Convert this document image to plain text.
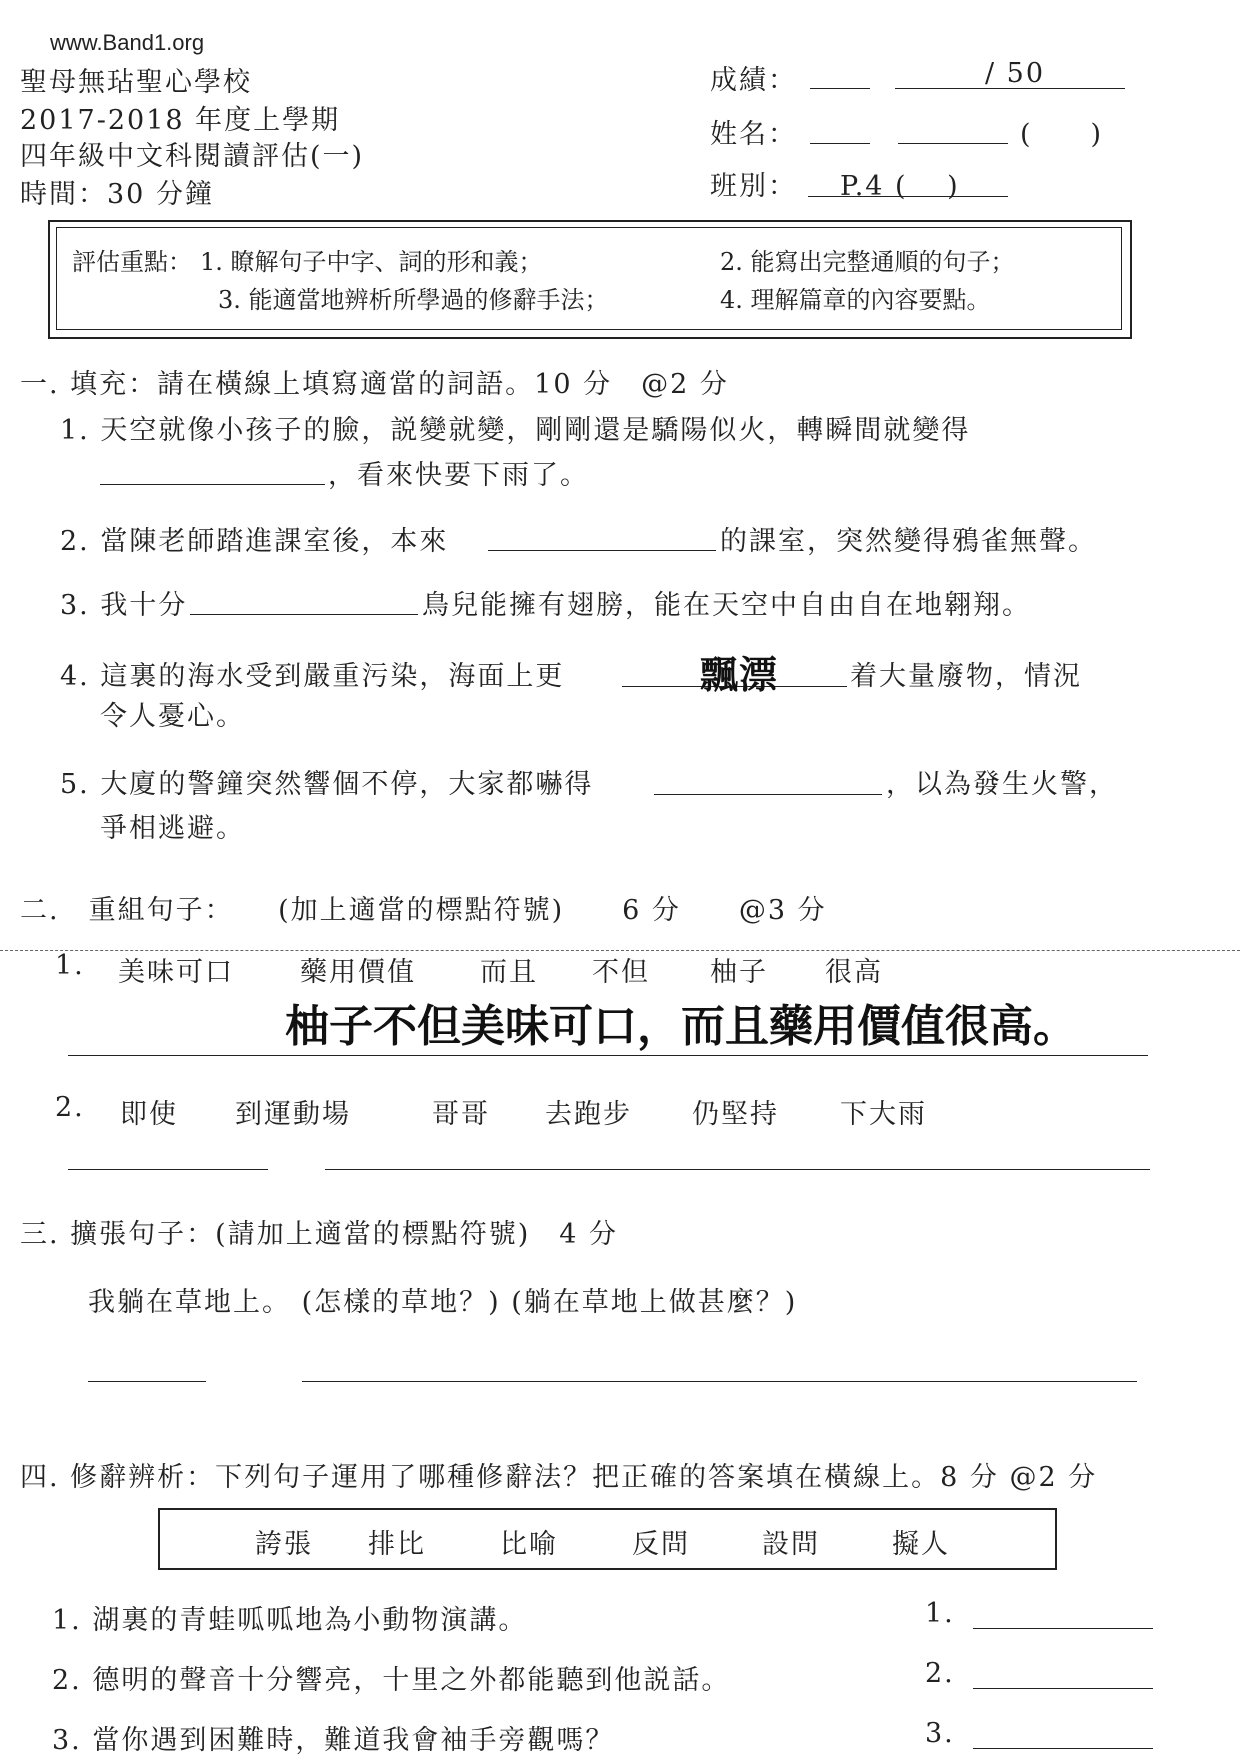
www.Band1.org
聖母無玷聖心學校
2017-2018 年度上學期
四年級中文科閱讀評估(一)
時間：30 分鐘
成績：	/ 50
姓名：	(　　)
班別： P.4 (　 )
評估重點： 1. 瞭解句子中字、詞的形和義；	2. 能寫出完整通順的句子；
3. 能適當地辨析所學過的修辭手法；	4. 理解篇章的內容要點。
一. 填充：請在橫線上填寫適當的詞語。10 分　@2 分
1. 天空就像小孩子的臉，説變就變，剛剛還是驕陽似火，轉瞬間就變得
，看來快要下雨了。
2. 當陳老師踏進課室後，本來	的課室，突然變得鴉雀無聲。
3. 我十分	鳥兒能擁有翅膀，能在天空中自由自在地翱翔。
4. 這裏的海水受到嚴重污染，海面上更	飄漂	着大量廢物，情況
令人憂心。
5. 大廈的警鐘突然響個不停，大家都嚇得	，以為發生火警，
爭相逃避。
二.　重組句子：　　(加上適當的標點符號)　　6 分　　@3 分
1. 美味可口 藥用價值 而且 不但 柚子 很高
柚子不但美味可口，而且藥用價值很高。
2. 即使 到運動場	哥哥 去跑步 仍堅持 下大雨
三. 擴張句子：(請加上適當的標點符號)　4 分
我躺在草地上。 (怎樣的草地？) (躺在草地上做甚麼？)
四. 修辭辨析：下列句子運用了哪種修辭法？把正確的答案填在橫線上。8 分 @2 分
誇張 排比	比喻	反問	設問	擬人
1. 湖裏的青蛙呱呱地為小動物演講。	1.
2. 德明的聲音十分響亮，十里之外都能聽到他説話。	2.
3. 當你遇到困難時，難道我會袖手旁觀嗎？	3.
